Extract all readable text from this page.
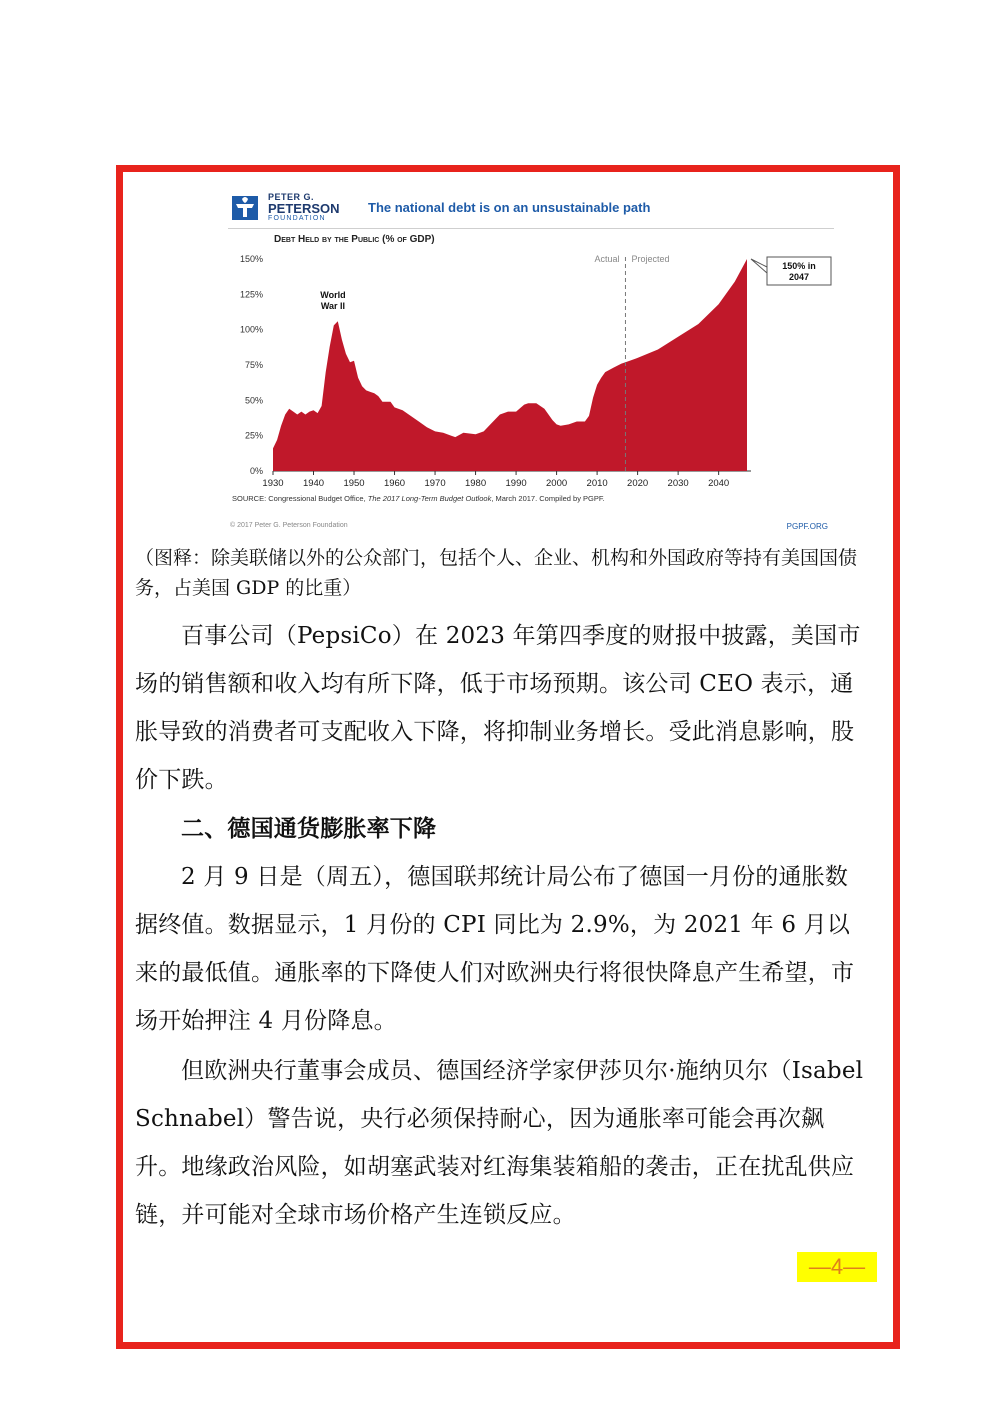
PETER G.
PETERSON
FOUNDATION
The national debt is on an unsustainable path
Debt Held by the Public (% of GDP)
0%
25%
50%
75%
100%
125%
150%
1930 1940 1950 1960 1970 1980 1990 2000 2010 2020 2030 2040
Actual Projected
World
War II
150% in
2047
SOURCE: Congressional Budget Office, The 2017 Long-Term Budget Outlook, March 2017. Compiled by PGPF.
© 2017 Peter G. Peterson Foundation	PGPF.ORG
（图释：除美联储以外的公众部门，包括个人、企业、机构和外国政府等持有美国国债务，占美国 GDP 的比重）
百事公司（PepsiCo）在 2023 年第四季度的财报中披露，美国市场的销售额和收入均有所下降，低于市场预期。该公司 CEO 表示，通胀导致的消费者可支配收入下降，将抑制业务增长。受此消息影响，股价下跌。
二、德国通货膨胀率下降
2 月 9 日是（周五），德国联邦统计局公布了德国一月份的通胀数据终值。数据显示，1 月份的 CPI 同比为 2.9%，为 2021 年 6 月以来的最低值。通胀率的下降使人们对欧洲央行将很快降息产生希望，市场开始押注 4 月份降息。
但欧洲央行董事会成员、德国经济学家伊莎贝尔·施纳贝尔（Isabel Schnabel）警告说，央行必须保持耐心，因为通胀率可能会再次飙升。地缘政治风险，如胡塞武装对红海集装箱船的袭击，正在扰乱供应链，并可能对全球市场价格产生连锁反应。
—4—
